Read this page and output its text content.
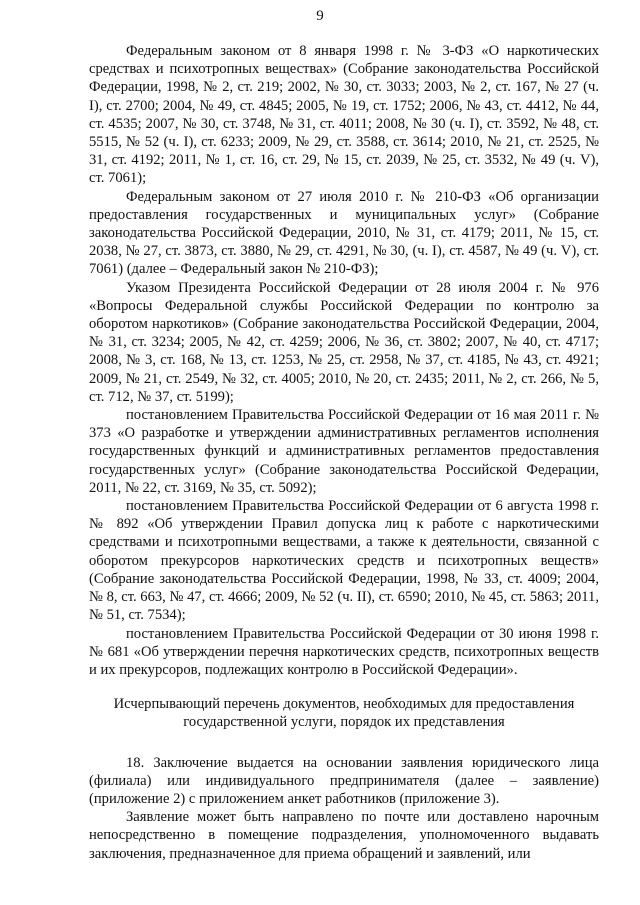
9

Федеральным законом от 8 января 1998 г. № 3-ФЗ «О наркотических средствах и психотропных веществах» (Собрание законодательства Российской Федерации, 1998, № 2, ст. 219; 2002, № 30, ст. 3033; 2003, № 2, ст. 167, № 27 (ч. I), ст. 2700; 2004, № 49, ст. 4845; 2005, № 19, ст. 1752; 2006, № 43, ст. 4412, № 44, ст. 4535; 2007, № 30, ст. 3748, № 31, ст. 4011; 2008, № 30 (ч. I), ст. 3592, № 48, ст. 5515, № 52 (ч. I), ст. 6233; 2009, № 29, ст. 3588, ст. 3614; 2010, № 21, ст. 2525, № 31, ст. 4192; 2011, № 1, ст. 16, ст. 29, № 15, ст. 2039, № 25, ст. 3532, № 49 (ч. V), ст. 7061);

Федеральным законом от 27 июля 2010 г. № 210-ФЗ «Об организации предоставления государственных и муниципальных услуг» (Собрание законодательства Российской Федерации, 2010, № 31, ст. 4179; 2011, № 15, ст. 2038, № 27, ст. 3873, ст. 3880, № 29, ст. 4291, № 30, (ч. I), ст. 4587, № 49 (ч. V), ст. 7061) (далее – Федеральный закон № 210-ФЗ);

Указом Президента Российской Федерации от 28 июля 2004 г. № 976 «Вопросы Федеральной службы Российской Федерации по контролю за оборотом наркотиков» (Собрание законодательства Российской Федерации, 2004, № 31, ст. 3234; 2005, № 42, ст. 4259; 2006, № 36, ст. 3802; 2007, № 40, ст. 4717; 2008, № 3, ст. 168, № 13, ст. 1253, № 25, ст. 2958, № 37, ст. 4185, № 43, ст. 4921; 2009, № 21, ст. 2549, № 32, ст. 4005; 2010, № 20, ст. 2435; 2011, № 2, ст. 266, № 5, ст. 712, № 37, ст. 5199);

постановлением Правительства Российской Федерации от 16 мая 2011 г. № 373 «О разработке и утверждении административных регламентов исполнения государственных функций и административных регламентов предоставления государственных услуг» (Собрание законодательства Российской Федерации, 2011, № 22, ст. 3169, № 35, ст. 5092);

постановлением Правительства Российской Федерации от 6 августа 1998 г. № 892 «Об утверждении Правил допуска лиц к работе с наркотическими средствами и психотропными веществами, а также к деятельности, связанной с оборотом прекурсоров наркотических средств и психотропных веществ» (Собрание законодательства Российской Федерации, 1998, № 33, ст. 4009; 2004, № 8, ст. 663, № 47, ст. 4666; 2009, № 52 (ч. II), ст. 6590; 2010, № 45, ст. 5863; 2011, № 51, ст. 7534);

постановлением Правительства Российской Федерации от 30 июня 1998 г. № 681 «Об утверждении перечня наркотических средств, психотропных веществ и их прекурсоров, подлежащих контролю в Российской Федерации».

Исчерпывающий перечень документов, необходимых для предоставления
государственной услуги, порядок их представления

18. Заключение выдается на основании заявления юридического лица (филиала) или индивидуального предпринимателя (далее – заявление) (приложение 2) с приложением анкет работников (приложение 3).

Заявление может быть направлено по почте или доставлено нарочным непосредственно в помещение подразделения, уполномоченного выдавать заключения, предназначенное для приема обращений и заявлений, или
